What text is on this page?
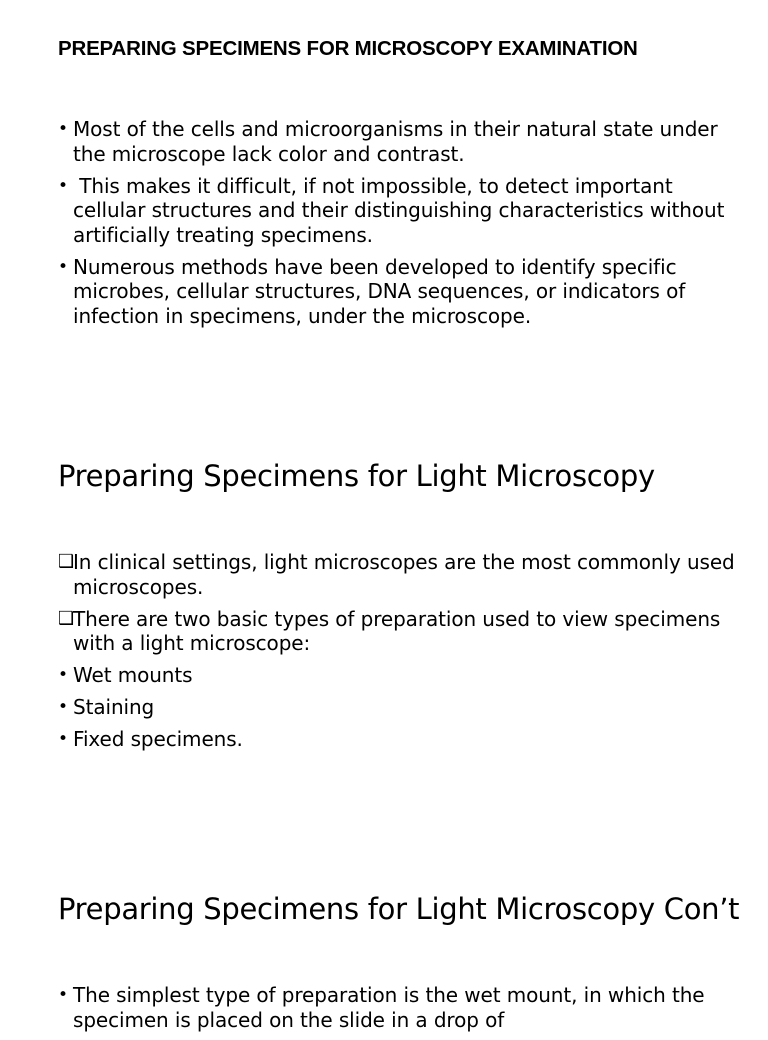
PREPARING SPECIMENS FOR MICROSCOPY EXAMINATION
• Most of the cells and microorganisms in their natural state under the microscope lack color and contrast.
• This makes it difficult, if not impossible, to detect important cellular structures and their distinguishing characteristics without artificially treating specimens.
• Numerous methods have been developed to identify specific microbes, cellular structures, DNA sequences, or indicators of infection in specimens, under the microscope.
Preparing Specimens for Light Microscopy
❑
In clinical settings, light microscopes are the most commonly used microscopes.
❑
There are two basic types of preparation used to view specimens with a light microscope:
• Wet mounts
• Staining
• Fixed specimens.
Preparing Specimens for Light Microscopy Con’t
• The simplest type of preparation is the wet mount, in which the specimen is placed on the slide in a drop of
